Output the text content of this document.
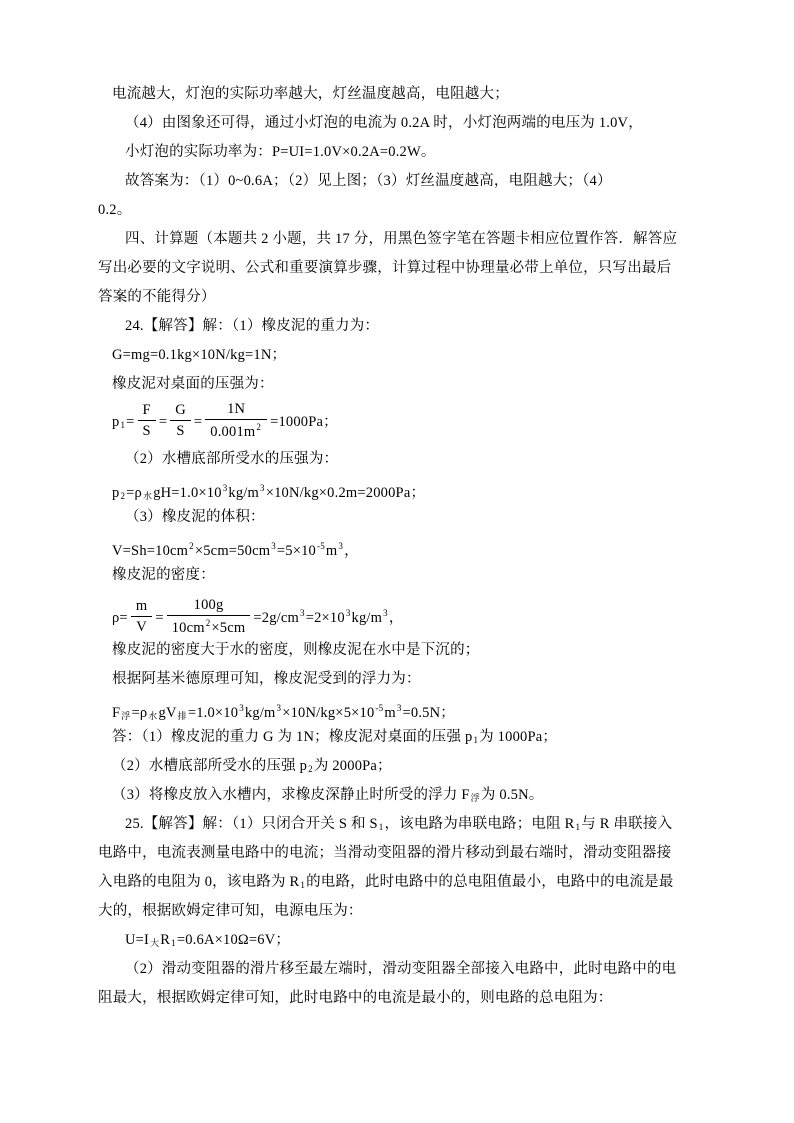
电流越大，灯泡的实际功率越大，灯丝温度越高，电阻越大；
（4）由图象还可得，通过小灯泡的电流为 0.2A 时，小灯泡两端的电压为 1.0V，
小灯泡的实际功率为：P=UI=1.0V×0.2A=0.2W。
故答案为：（1）0~0.6A；（2）见上图；（3）灯丝温度越高，电阻越大；（4）
0.2。
四、计算题（本题共 2 小题，共 17 分，用黑色签字笔在答题卡相应位置作答．解答应
写出必要的文字说明、公式和重要演算步骤，计算过程中协理量必带上单位，只写出最后
答案的不能得分）
24.【解答】解：（1）橡皮泥的重力为：
G=mg=0.1kg×10N/kg=1N；
橡皮泥对桌面的压强为：
$p_1= \frac{F}{S} = \frac{G}{S} = \frac{1N}{0.001m^2} =1000Pa$；
（2）水槽底部所受水的压强为：
$p_2=\rho_水gH=1.0\times 10^3kg/m^3\times 10N/kg\times 0.2m=2000Pa$；
（3）橡皮泥的体积：
$V=Sh=10cm^2\times 5cm=50cm^3=5\times 10^{-5}m^3$，
橡皮泥的密度：
$\rho= \frac{m}{V} = \frac{100g}{10cm^2\times 5cm} =2g/cm^3=2\times 10^3kg/m^3$，
橡皮泥的密度大于水的密度，则橡皮泥在水中是下沉的；
根据阿基米德原理可知，橡皮泥受到的浮力为：
$F_浮=\rho_水gV_排=1.0\times 10^3kg/m^3\times 10N/kg\times 5\times 10^{-5}m^3=0.5N$；
答：（1）橡皮泥的重力 G 为 1N；橡皮泥对桌面的压强 $p_1$为 1000Pa；
（2）水槽底部所受水的压强 $p_2$为 2000Pa；
（3）将橡皮放入水槽内，求橡皮深静止时所受的浮力 $F_浮$为 0.5N。
25.【解答】解：（1）只闭合开关 S 和 $S_1$，该电路为串联电路；电阻 $R_1$与 R 串联接入
电路中，电流表测量电路中的电流；当滑动变阻器的滑片移动到最右端时，滑动变阻器接
入电路的电阻为 0，该电路为 $R_1$的电路，此时电路中的总电阻值最小，电路中的电流是最
大的，根据欧姆定律可知，电源电压为：
$U=I_大R_1=0.6A\times 10\Omega=6V$；
（2）滑动变阻器的滑片移至最左端时，滑动变阻器全部接入电路中，此时电路中的电
阻最大，根据欧姆定律可知，此时电路中的电流是最小的，则电路的总电阻为：
